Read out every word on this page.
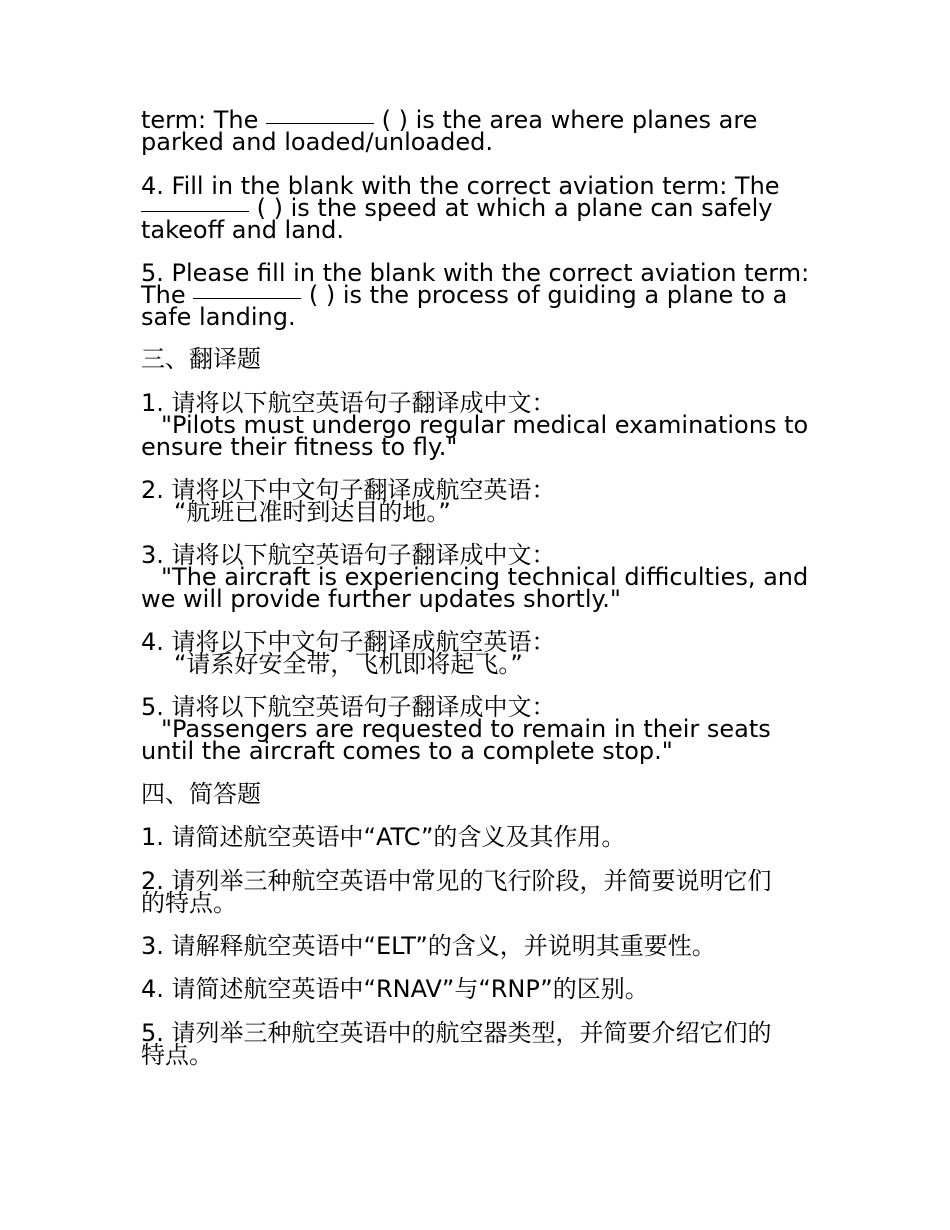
term: The	( ) is the area where planes are
parked and loaded/unloaded.
4. Fill in the blank with the correct aviation term: The
( ) is the speed at which a plane can safely
takeoff and land.
5. Please fill in the blank with the correct aviation term:
The	( ) is the process of guiding a plane to a
safe landing.
三、翻译题
1. 请将以下航空英语句子翻译成中文：
"Pilots must undergo regular medical examinations to
ensure their fitness to fly."
2. 请将以下中文句子翻译成航空英语：
“航班已准时到达目的地。”
3. 请将以下航空英语句子翻译成中文：
"The aircraft is experiencing technical difficulties, and
we will provide further updates shortly."
4. 请将以下中文句子翻译成航空英语：
“请系好安全带，飞机即将起飞。”
5. 请将以下航空英语句子翻译成中文：
"Passengers are requested to remain in their seats
until the aircraft comes to a complete stop."
四、简答题
1. 请简述航空英语中“ATC”的含义及其作用。
2. 请列举三种航空英语中常见的飞行阶段，并简要说明它们
的特点。
3. 请解释航空英语中“ELT”的含义，并说明其重要性。
4. 请简述航空英语中“RNAV”与“RNP”的区别。
5. 请列举三种航空英语中的航空器类型，并简要介绍它们的
特点。
